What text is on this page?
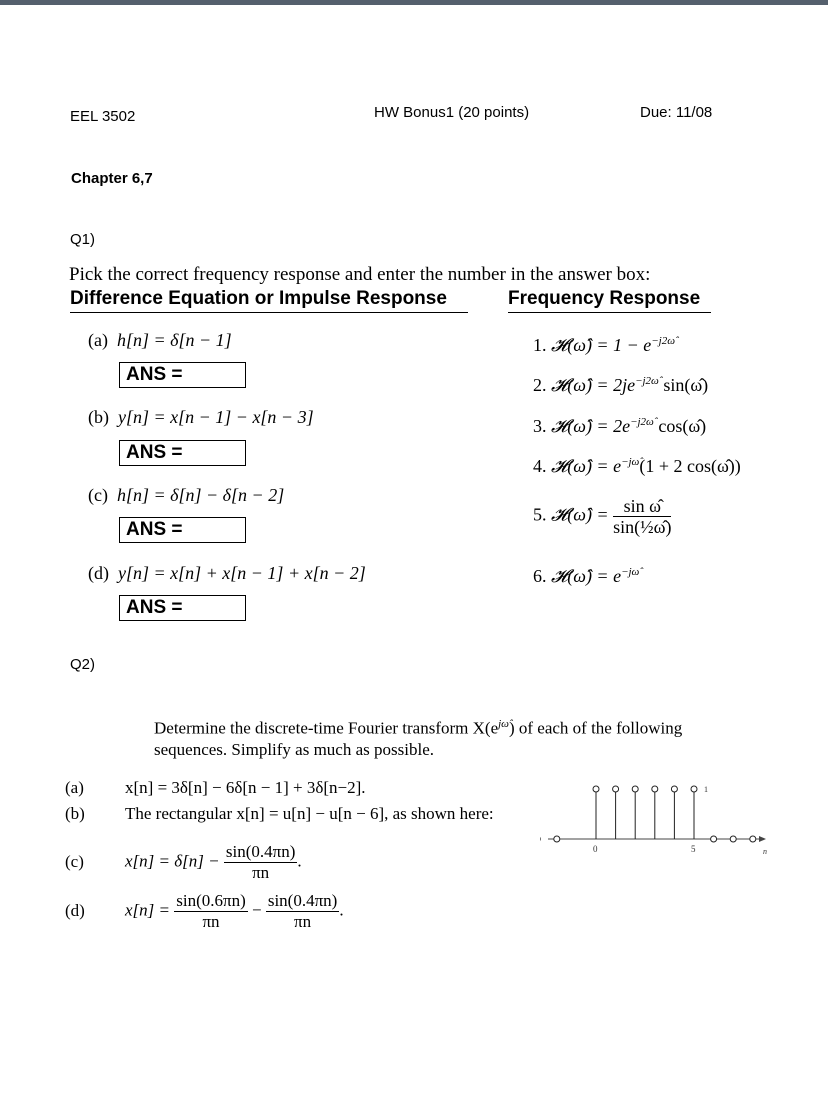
EEL 3502	HW Bonus1 (20 points)	Due: 11/08
Chapter 6,7
Q1)
Pick the correct frequency response and enter the number in the answer box:
Difference Equation or Impulse Response	Frequency Response
(a) h[n] = δ[n − 1]
ANS =
(b) y[n] = x[n − 1] − x[n − 3]
ANS =
(c) h[n] = δ[n] − δ[n − 2]
ANS =
(d) y[n] = x[n] + x[n − 1] + x[n − 2]
ANS =
1. 𝓗(ω̂) = $1 - e^{-j2\omegâ}$
2. 𝓗(ω̂) = $2je^{-j2\omegâ}$ sin(ω̂)
3. 𝓗(ω̂) = $2e^{-j2\omegâ}$ cos(ω̂)
4. 𝓗(ω̂) = $e^{-j\omegâ}(1 + 2$ cos(ω̂))
5. 𝓗(ω̂) = $\frac{\text{sin ω̂}}{\text{sin(½ω̂)}}$
6. 𝓗(ω̂) = $e^{-j\omegâ}$
Q2)
Determine the discrete-time Fourier transform $X(e^{j\omegâ})$ of each of the following
sequences. Simplify as much as possible.
(a) x[n] = 3δ[n] − 6δ[n − 1] + 3δ[n−2].
(b) The rectangular x[n] = u[n] − u[n − 6], as shown here:
(c) $x[n] = \delta[n] - \frac{\sin(0.4\pi n)}{\pi n}$ .
(d) $x[n] = \frac{\sin(0.6\pi n)}{\pi n} - \frac{\sin(0.4\pi n)}{\pi n}$ .
0	5	n
1
